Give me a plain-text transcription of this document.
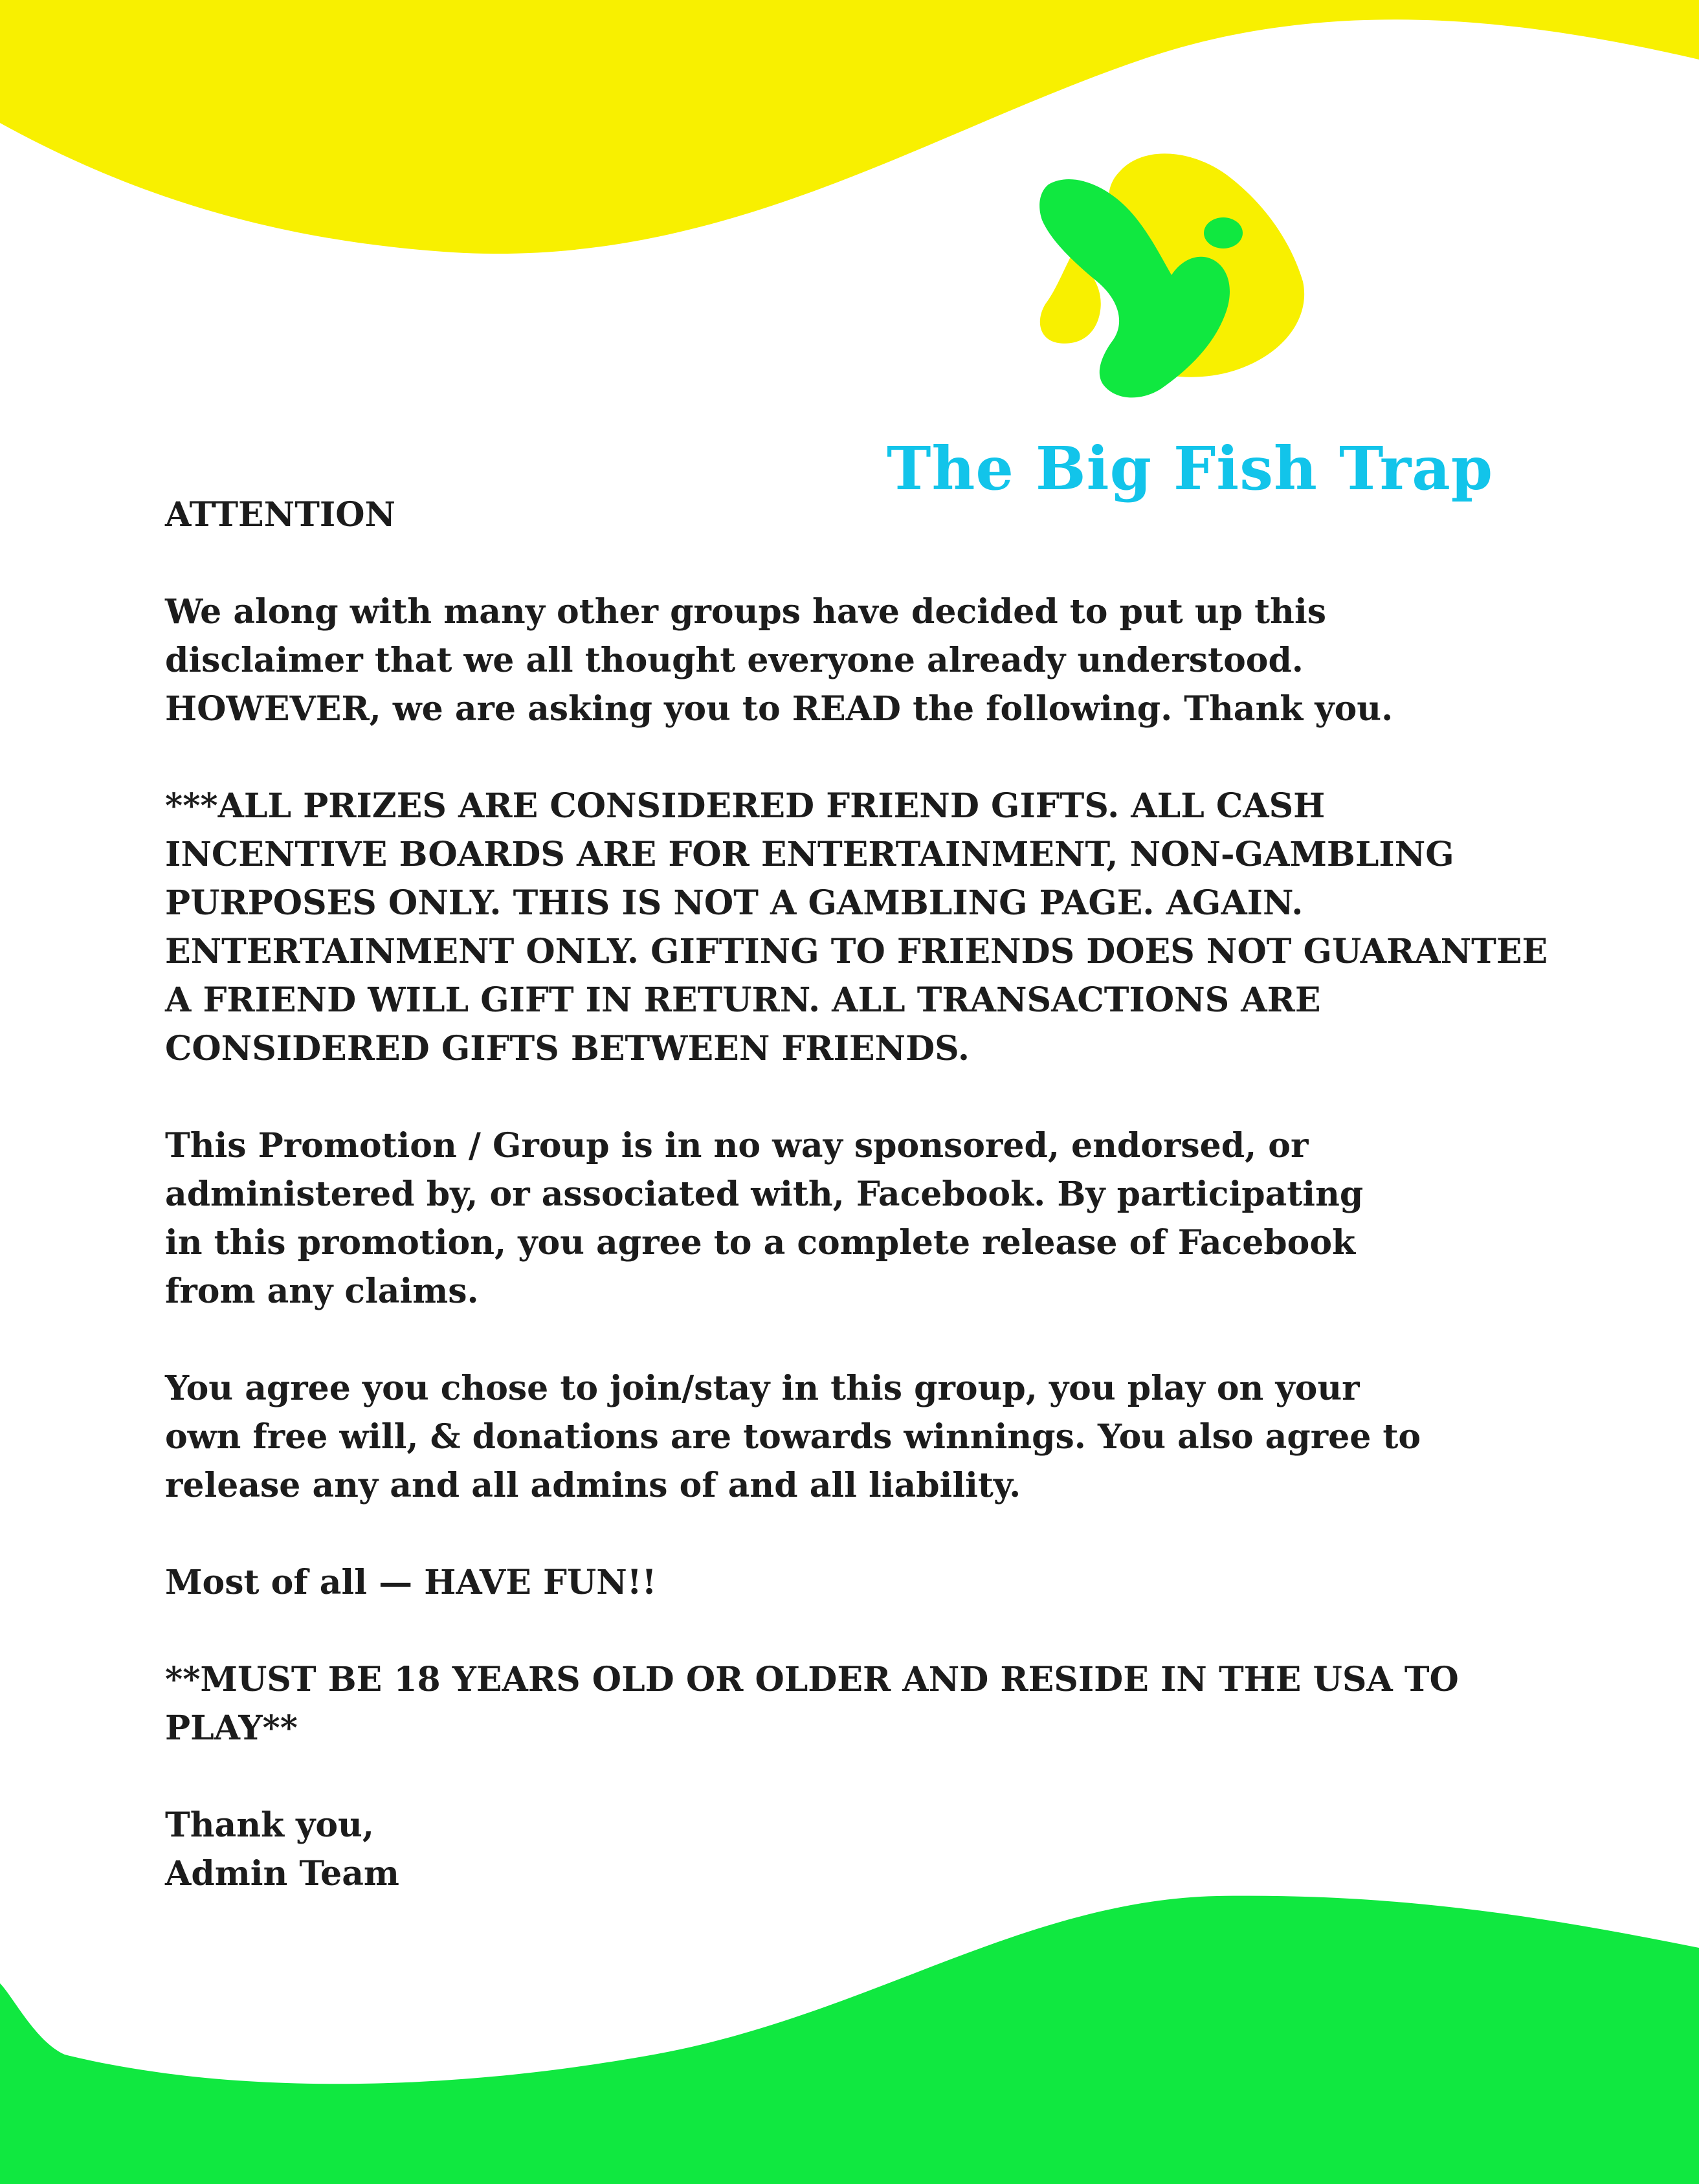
The Big Fish Trap

ATTENTION

We along with many other groups have decided to put up this
disclaimer that we all thought everyone already understood.
HOWEVER, we are asking you to READ the following. Thank you.

***ALL PRIZES ARE CONSIDERED FRIEND GIFTS. ALL CASH
INCENTIVE BOARDS ARE FOR ENTERTAINMENT, NON-GAMBLING
PURPOSES ONLY. THIS IS NOT A GAMBLING PAGE. AGAIN.
ENTERTAINMENT ONLY. GIFTING TO FRIENDS DOES NOT GUARANTEE
A FRIEND WILL GIFT IN RETURN. ALL TRANSACTIONS ARE
CONSIDERED GIFTS BETWEEN FRIENDS.

This Promotion / Group is in no way sponsored, endorsed, or
administered by, or associated with, Facebook. By participating
in this promotion, you agree to a complete release of Facebook
from any claims.

You agree you chose to join/stay in this group, you play on your
own free will, & donations are towards winnings. You also agree to
release any and all admins of and all liability.

Most of all — HAVE FUN!!

**MUST BE 18 YEARS OLD OR OLDER AND RESIDE IN THE USA TO
PLAY**

Thank you,

Admin Team
